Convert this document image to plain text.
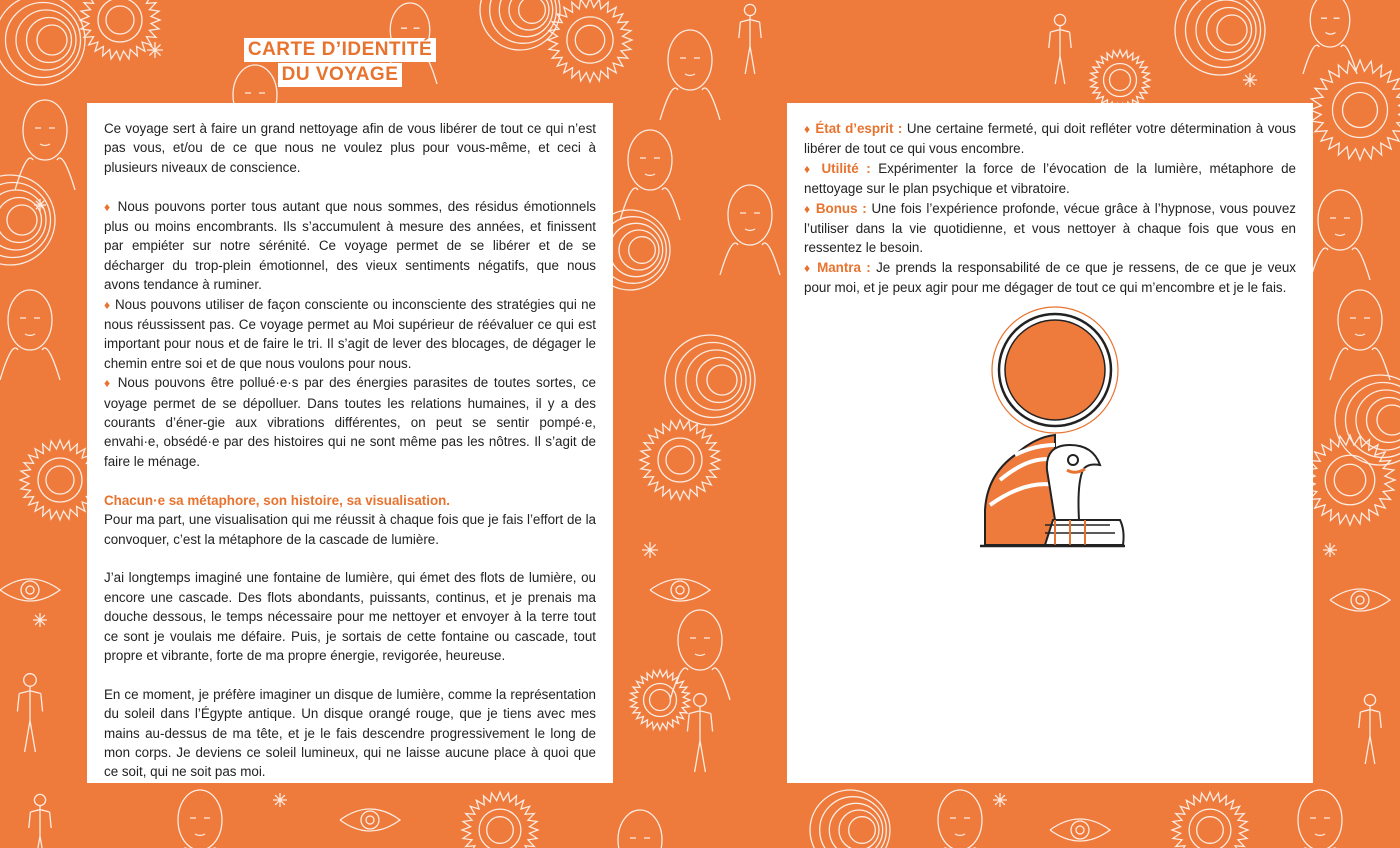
CARTE D’IDENTITÉ
DU VOYAGE

Ce voyage sert à faire un grand nettoyage afin de vous libérer de tout ce qui n’est pas vous, et/ou de ce que nous ne voulez plus pour vous-même, et ceci à plusieurs niveaux de conscience.

♦ Nous pouvons porter tous autant que nous sommes, des résidus émotionnels plus ou moins encombrants. Ils s’accumulent à mesure des années, et finissent par empiéter sur notre sérénité. Ce voyage permet de se libérer et de se décharger du trop-plein émotionnel, des vieux sentiments négatifs, que nous avons tendance à ruminer.

♦ Nous pouvons utiliser de façon consciente ou inconsciente des stratégies qui ne nous réussissent pas. Ce voyage permet au Moi supérieur de réévaluer ce qui est important pour nous et de faire le tri. Il s’agit de lever des blocages, de dégager le chemin entre soi et de que nous voulons pour nous.

♦ Nous pouvons être pollué·e·s par des énergies parasites de toutes sortes, ce voyage permet de se dépolluer. Dans toutes les relations humaines, il y a des courants d’éner-gie aux vibrations différentes, on peut se sentir pompé·e, envahi·e, obsédé·e par des histoires qui ne sont même pas les nôtres. Il s’agit de faire le ménage.

Chacun·e sa métaphore, son histoire, sa visualisation.

Pour ma part, une visualisation qui me réussit à chaque fois que je fais l’effort de la convoquer, c’est la métaphore de la cascade de lumière.

J’ai longtemps imaginé une fontaine de lumière, qui émet des flots de lumière, ou encore une cascade. Des flots abondants, puissants, continus, et je prenais ma douche dessous, le temps nécessaire pour me nettoyer et envoyer à la terre tout ce sont je voulais me défaire. Puis, je sortais de cette fontaine ou cascade, tout propre et vibrante, forte de ma propre énergie, revigorée, heureuse.

En ce moment, je préfère imaginer un disque de lumière, comme la représentation du soleil dans l’Égypte antique. Un disque orangé rouge, que je tiens avec mes mains au-dessus de ma tête, et je le fais descendre progressivement le long de mon corps. Je deviens ce soleil lumineux, qui ne laisse aucune place à quoi que ce soit, qui ne soit pas moi.

♦ État d’esprit : Une certaine fermeté, qui doit refléter votre détermination à vous libérer de tout ce qui vous encombre.

♦ Utilité : Expérimenter la force de l’évocation de la lumière, métaphore de nettoyage sur le plan psychique et vibratoire.

♦ Bonus : Une fois l’expérience profonde, vécue grâce à l’hypnose, vous pouvez l’utiliser dans la vie quotidienne, et vous nettoyer à chaque fois que vous en ressentez le besoin.

♦ Mantra : Je prends la responsabilité de ce que je ressens, de ce que je veux pour moi, et je peux agir pour me dégager de tout ce qui m’encombre et je le fais.
